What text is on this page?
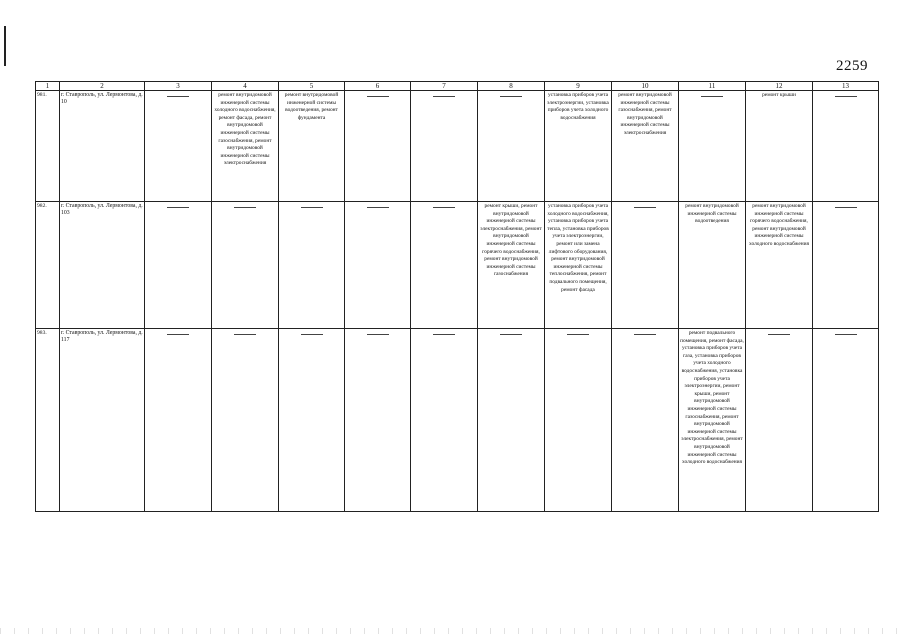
2259
1	2	3	4	5	6	7	8	9	10	11	12	13
981.	г. Ставрополь, ул. Лермонтова, д. 10		ремонт внутридомовой инженерной системы холодного водоснабжения, ремонт фасада, ремонт внутридомовой инженерной системы газоснабжения, ремонт внутридомовой инженерной системы электроснабжения	ремонт внутридомовой инженерной системы водоотведения, ремонт фундамента				установка приборов учета электроэнергии, установка приборов учета холодного водоснабжения	ремонт внутридомовой инженерной системы газоснабжения, ремонт внутридомовой инженерной системы электроснабжения		ремонт крыши	

982.	г. Ставрополь, ул. Лермонтова, д. 103						ремонт крыши, ремонт внутридомовой инженерной системы электроснабжения, ремонт внутридомовой инженерной системы горячего водоснабжения, ремонт внутридомовой инженерной системы газоснабжения	установка приборов учета холодного водоснабжения, установка приборов учета тепла, установка приборов учета электроэнергии, ремонт или замена лифтового оборудования, ремонт внутридомовой инженерной системы теплоснабжения, ремонт подвального помещения, ремонт фасада		ремонт внутридомовой инженерной системы водоотведения	ремонт внутридомовой инженерной системы горячего водоснабжения, ремонт внутридомовой инженерной системы холодного водоснабжения	

983.	г. Ставрополь, ул. Лермонтова, д. 117									ремонт подвального помещения, ремонт фасада, установка приборов учета газа, установка приборов учета холодного водоснабжения, установка приборов учета электроэнергии, ремонт крыши, ремонт внутридомовой инженерной системы газоснабжения, ремонт внутридомовой инженерной системы электроснабжения, ремонт внутридомовой инженерной системы холодного водоснабжения	
